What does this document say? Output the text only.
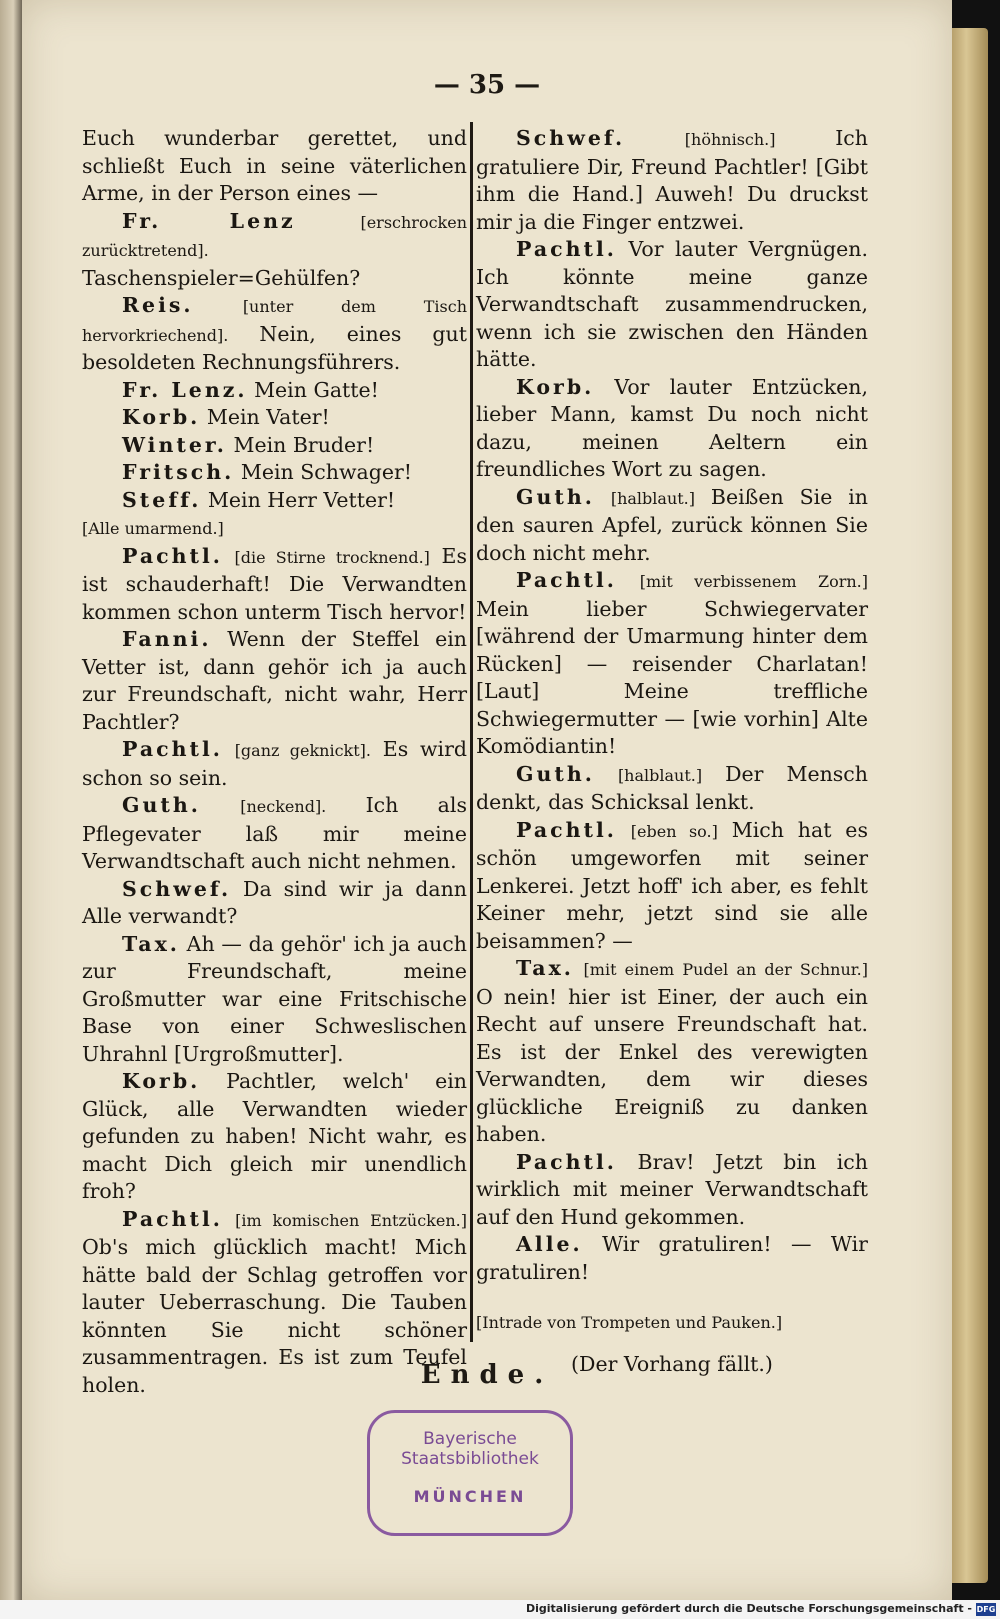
— 35 —

Euch wunderbar gerettet, und schließt Euch in seine väterlichen Arme, in der Person eines —

Fr. Lenz	[erschrocken zurücktretend]. Taschenspieler=Gehülfen?

Reis.	[unter dem Tisch hervorkriechend]. Nein, eines gut besoldeten Rechnungsführers.

Fr. Lenz. Mein Gatte!

Korb. Mein Vater!

Winter. Mein Bruder!

Fritsch. Mein Schwager!

Steff. Mein Herr Vetter!

[Alle umarmend.]

Pachtl. [die Stirne trocknend.] Es ist schauderhaft! Die Verwandten kommen schon unterm Tisch hervor!

Fanni. Wenn der Steffel ein Vetter ist, dann gehör ich ja auch zur Freundschaft, nicht wahr, Herr Pachtler?

Pachtl. [ganz geknickt]. Es wird schon so sein.

Guth. [neckend]. Ich als Pflegevater laß mir meine Verwandtschaft auch nicht nehmen.

Schwef. Da sind wir ja dann Alle verwandt?

Tax. Ah — da gehör' ich ja auch zur Freundschaft, meine Großmutter war eine Fritschische Base von einer Schweslischen Uhrahnl [Urgroßmutter].

Korb. Pachtler, welch' ein Glück, alle Verwandten wieder gefunden zu haben! Nicht wahr, es macht Dich gleich mir unendlich froh?

Pachtl. [im komischen Entzücken.] Ob's mich glücklich macht! Mich hätte bald der Schlag getroffen vor lauter Ueberraschung. Die Tauben könnten Sie nicht schöner zusammentragen. Es ist zum Teufel holen.

Schwef.	[höhnisch.]	Ich gratuliere Dir, Freund Pachtler! [Gibt ihm die Hand.] Auweh! Du druckst mir ja die Finger entzwei.

Pachtl. Vor lauter Vergnügen. Ich könnte meine ganze Verwandtschaft zusammendrucken, wenn ich sie zwischen den Händen hätte.

Korb. Vor lauter Entzücken, lieber Mann, kamst Du noch nicht dazu, meinen Aeltern ein freundliches Wort zu sagen.

Guth. [halblaut.] Beißen Sie in den sauren Apfel, zurück können Sie doch nicht mehr.

Pachtl. [mit verbissenem Zorn.] Mein lieber Schwiegervater [während der Umarmung hinter dem Rücken] — reisender Charlatan! [Laut] Meine treffliche Schwiegermutter — [wie vorhin] Alte Komödiantin!

Guth. [halblaut.] Der Mensch denkt, das Schicksal lenkt.

Pachtl. [eben so.] Mich hat es schön umgeworfen mit seiner Lenkerei. Jetzt hoff' ich aber, es fehlt Keiner mehr, jetzt sind sie alle beisammen? —

Tax. [mit einem Pudel an der Schnur.] O nein! hier ist Einer, der auch ein Recht auf unsere Freundschaft hat. Es ist der Enkel des verewigten Verwandten, dem wir dieses glückliche Ereigniß zu danken haben.

Pachtl. Brav! Jetzt bin ich wirklich mit meiner Verwandtschaft auf den Hund gekommen.

Alle. Wir gratuliren! — Wir gratuliren!

[Intrade von Trompeten und Pauken.]

(Der Vorhang fällt.)

Ende.
Bayerische
Staatsbibliothek
MÜNCHEN
Digitalisierung gefördert durch die Deutsche Forschungsgemeinschaft - DFG
